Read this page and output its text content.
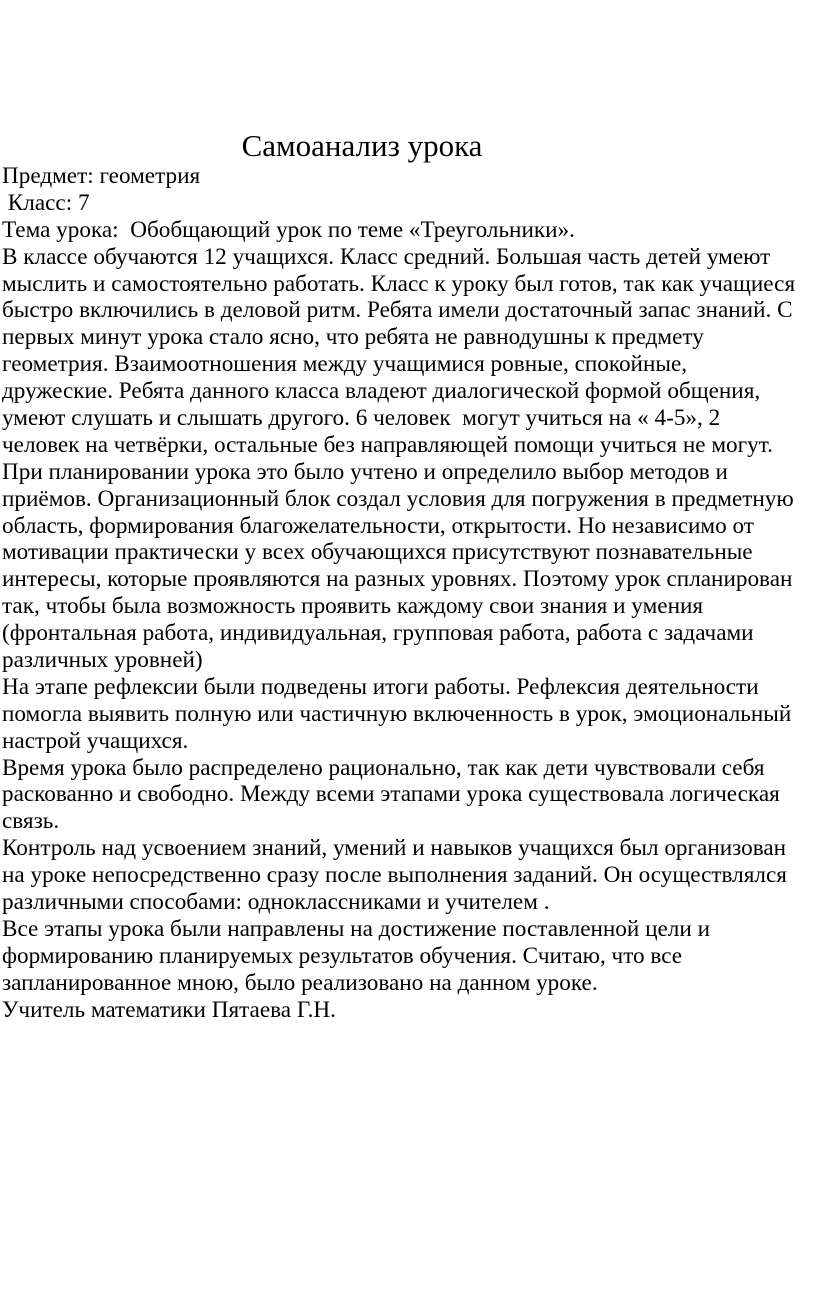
Самоанализ урока
Предмет: геометрия
Класс: 7
Тема урока:  Обобщающий урок по теме «Треугольники».
В классе обучаются 12 учащихся. Класс средний. Большая часть детей умеют
мыслить и самостоятельно работать. Класс к уроку был готов, так как учащиеся
быстро включились в деловой ритм. Ребята имели достаточный запас знаний. С
первых минут урока стало ясно, что ребята не равнодушны к предмету
геометрия. Взаимоотношения между учащимися ровные, спокойные,
дружеские. Ребята данного класса владеют диалогической формой общения,
умеют слушать и слышать другого. 6 человек  могут учиться на « 4-5», 2
человек на четвёрки, остальные без направляющей помощи учиться не могут.
При планировании урока это было учтено и определило выбор методов и
приёмов. Организационный блок создал условия для погружения в предметную
область, формирования благожелательности, открытости. Но независимо от
мотивации практически у всех обучающихся присутствуют познавательные
интересы, которые проявляются на разных уровнях. Поэтому урок спланирован
так, чтобы была возможность проявить каждому свои знания и умения
(фронтальная работа, индивидуальная, групповая работа, работа с задачами
различных уровней)
На этапе рефлексии были подведены итоги работы. Рефлексия деятельности
помогла выявить полную или частичную включенность в урок, эмоциональный
настрой учащихся.
Время урока было распределено рационально, так как дети чувствовали себя
раскованно и свободно. Между всеми этапами урока существовала логическая
связь.
Контроль над усвоением знаний, умений и навыков учащихся был организован
на уроке непосредственно сразу после выполнения заданий. Он осуществлялся
различными способами: одноклассниками и учителем .
Все этапы урока были направлены на достижение поставленной цели и
формированию планируемых результатов обучения. Считаю, что все
запланированное мною, было реализовано на данном уроке.
Учитель математики Пятаева Г.Н.
